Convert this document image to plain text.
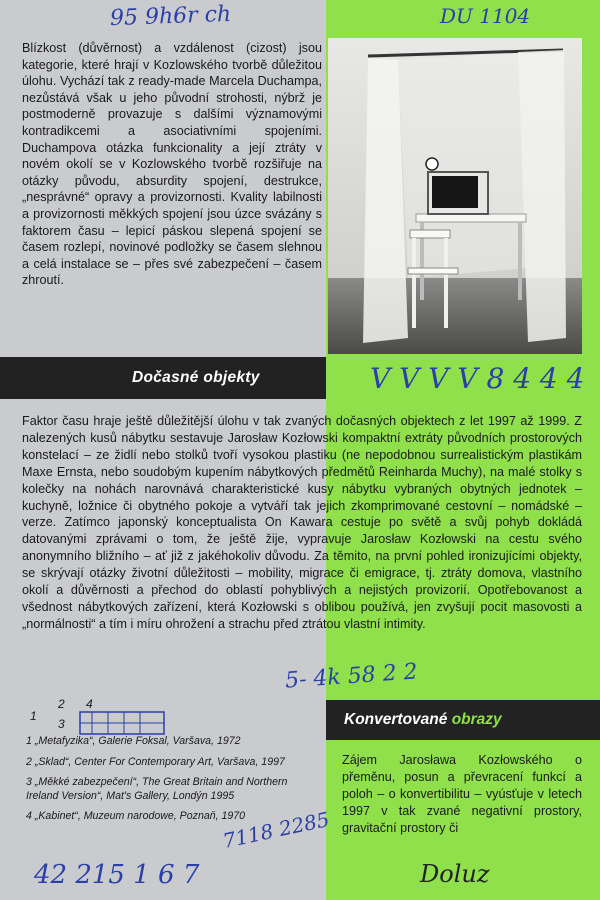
95 9h6r ch	DU 1104

Blízkost (důvěrnost) a vzdálenost (cizost) jsou kategorie, které hrají v Kozlowského tvorbě důležitou úlohu. Vychází tak z ready-made Marcela Duchampa, nezůstává však u jeho původní strohosti, nýbrž je postmoderně provazuje s dalšími významovými kontradikcemi a asociativními spojeními. Duchampova otázka funkcionality a její ztráty v novém okolí se v Kozlowského tvorbě rozšiřuje na otázky původu, absurdity spojení, destrukce, „nesprávné“ opravy a provizornosti. Kvality labilnosti a provizornosti měkkých spojení jsou úzce svázány s faktorem času – lepicí páskou slepená spojení se časem rozlepí, novinové podložky se časem slehnou a celá instalace se – přes své zabezpečení – časem zhroutí.

Dočasné objekty	V V V V 8 4 4 4

Faktor času hraje ještě důležitější úlohu v tak zvaných dočasných objektech z let 1997 až 1999. Z nalezených kusů nábytku sestavuje Jarosław Kozłowski kompaktní extráty původních prostorových konstelací – ze židlí nebo stolků tvoří vysokou plastiku (ne nepodobnou surrealistickým plastikám Maxe Ernsta, nebo soudobým kupením nábytkových předmětů Reinharda Muchy), na malé stolky s kolečky na nohách narovnává charakteristické kusy nábytku vybraných obytných jednotek – kuchyně, ložnice či obytného pokoje a vytváří tak jejich zkomprimované cestovní – nomádské – verze. Zatímco japonský konceptualista On Kawara cestuje po světě a svůj pohyb dokládá datovanými zprávami o tom, že ještě žije, vypravuje Jarosław Kozłowski na cestu svého anonymního bližního – ať již z jakéhokoliv důvodu. Za těmito, na první pohled ironizujícími objekty, se skrývají otázky životní důležitosti – mobility, migrace či emigrace, tj. ztráty domova, vlastního okolí a důvěrnosti a přechod do oblastí pohyblivých a nejistých provizorií. Opotřebovanost a všednost nábytkových zařízení, která Kozłowski s oblibou používá, jen zvyšují pocit masovosti a „normálnosti“ a tím i míru ohrožení a strachu před ztrátou vlastní intimity.

5- 4k 58 2 2
1
2
3
4
1 „Metafyzika“, Galerie Foksal, Varšava, 1972
2 „Sklad“, Center For Contemporary Art, Varšava, 1997
3 „Měkké zabezpečení“, The Great Britain and Northern Ireland Version“, Mat's Gallery, Londýn 1995
4 „Kabinet“, Muzeum narodowe, Poznaň, 1970
7118 2285
42 215 1 6 7
Konvertované obrazy

Zájem Jarosława Kozłowského o přeměnu, posun a převracení funkcí a poloh – o konvertibilitu – vyúsťuje v letech 1997 v tak zvané negativní prostory, gravitační prostory či

Doluz
